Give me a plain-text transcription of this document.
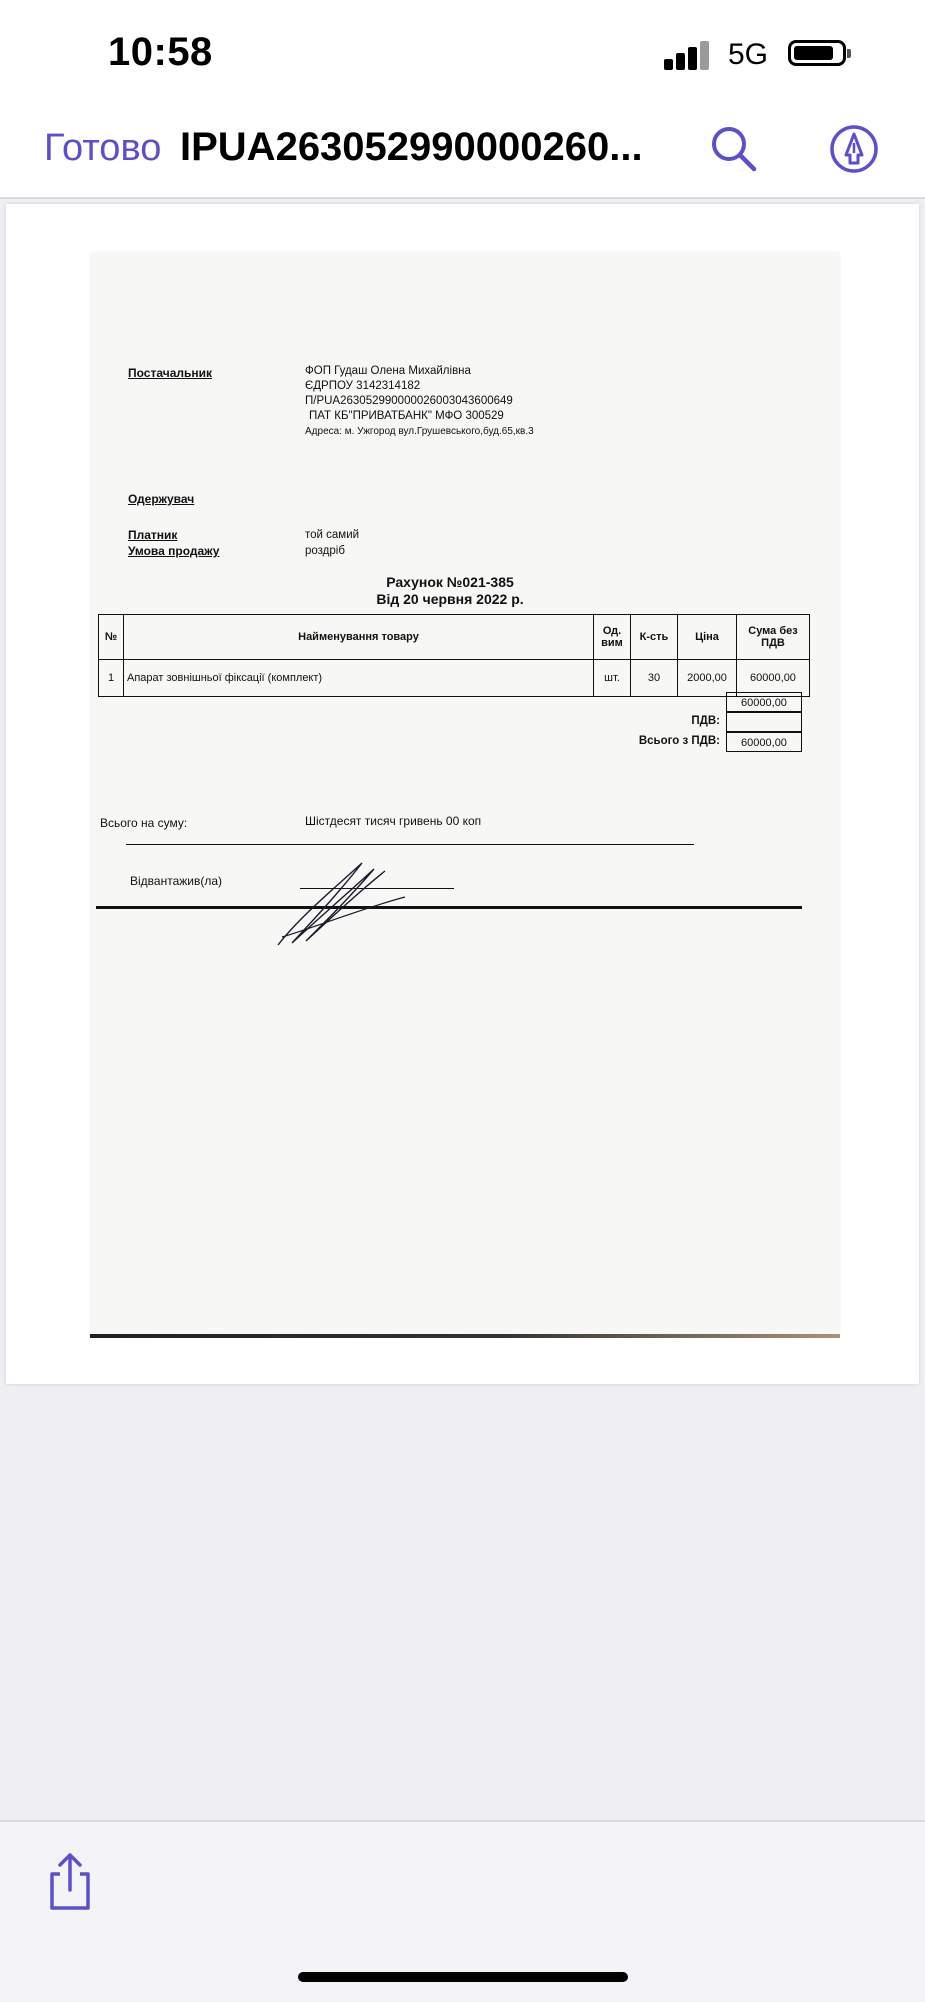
10:58	5G
Готово IPUA263052990000260...
Постачальник	ФОП Гудаш Олена Михайлівна
ЄДРПОУ 3142314182
П/РUA263052990000026003043600649
ПАТ КБ"ПРИВАТБАНК" МФО 300529
Адреса: м. Ужгород вул.Грушевського,буд.65,кв.3
Одержувач
Платник	той самий
Умова продажу	роздріб
Рахунок №021-385
Від 20 червня 2022 р.
№	Найменування товару	Од. вим	К-сть	Ціна	Сума без ПДВ
1	Апарат зовнішньої фіксації (комплект)	шт.	30	2000,00	60000,00
60000,00
ПДВ:
Всього з ПДВ:	60000,00
Всього на суму:	Шістдесят тисяч гривень 00 коп
Відвантажив(ла)
